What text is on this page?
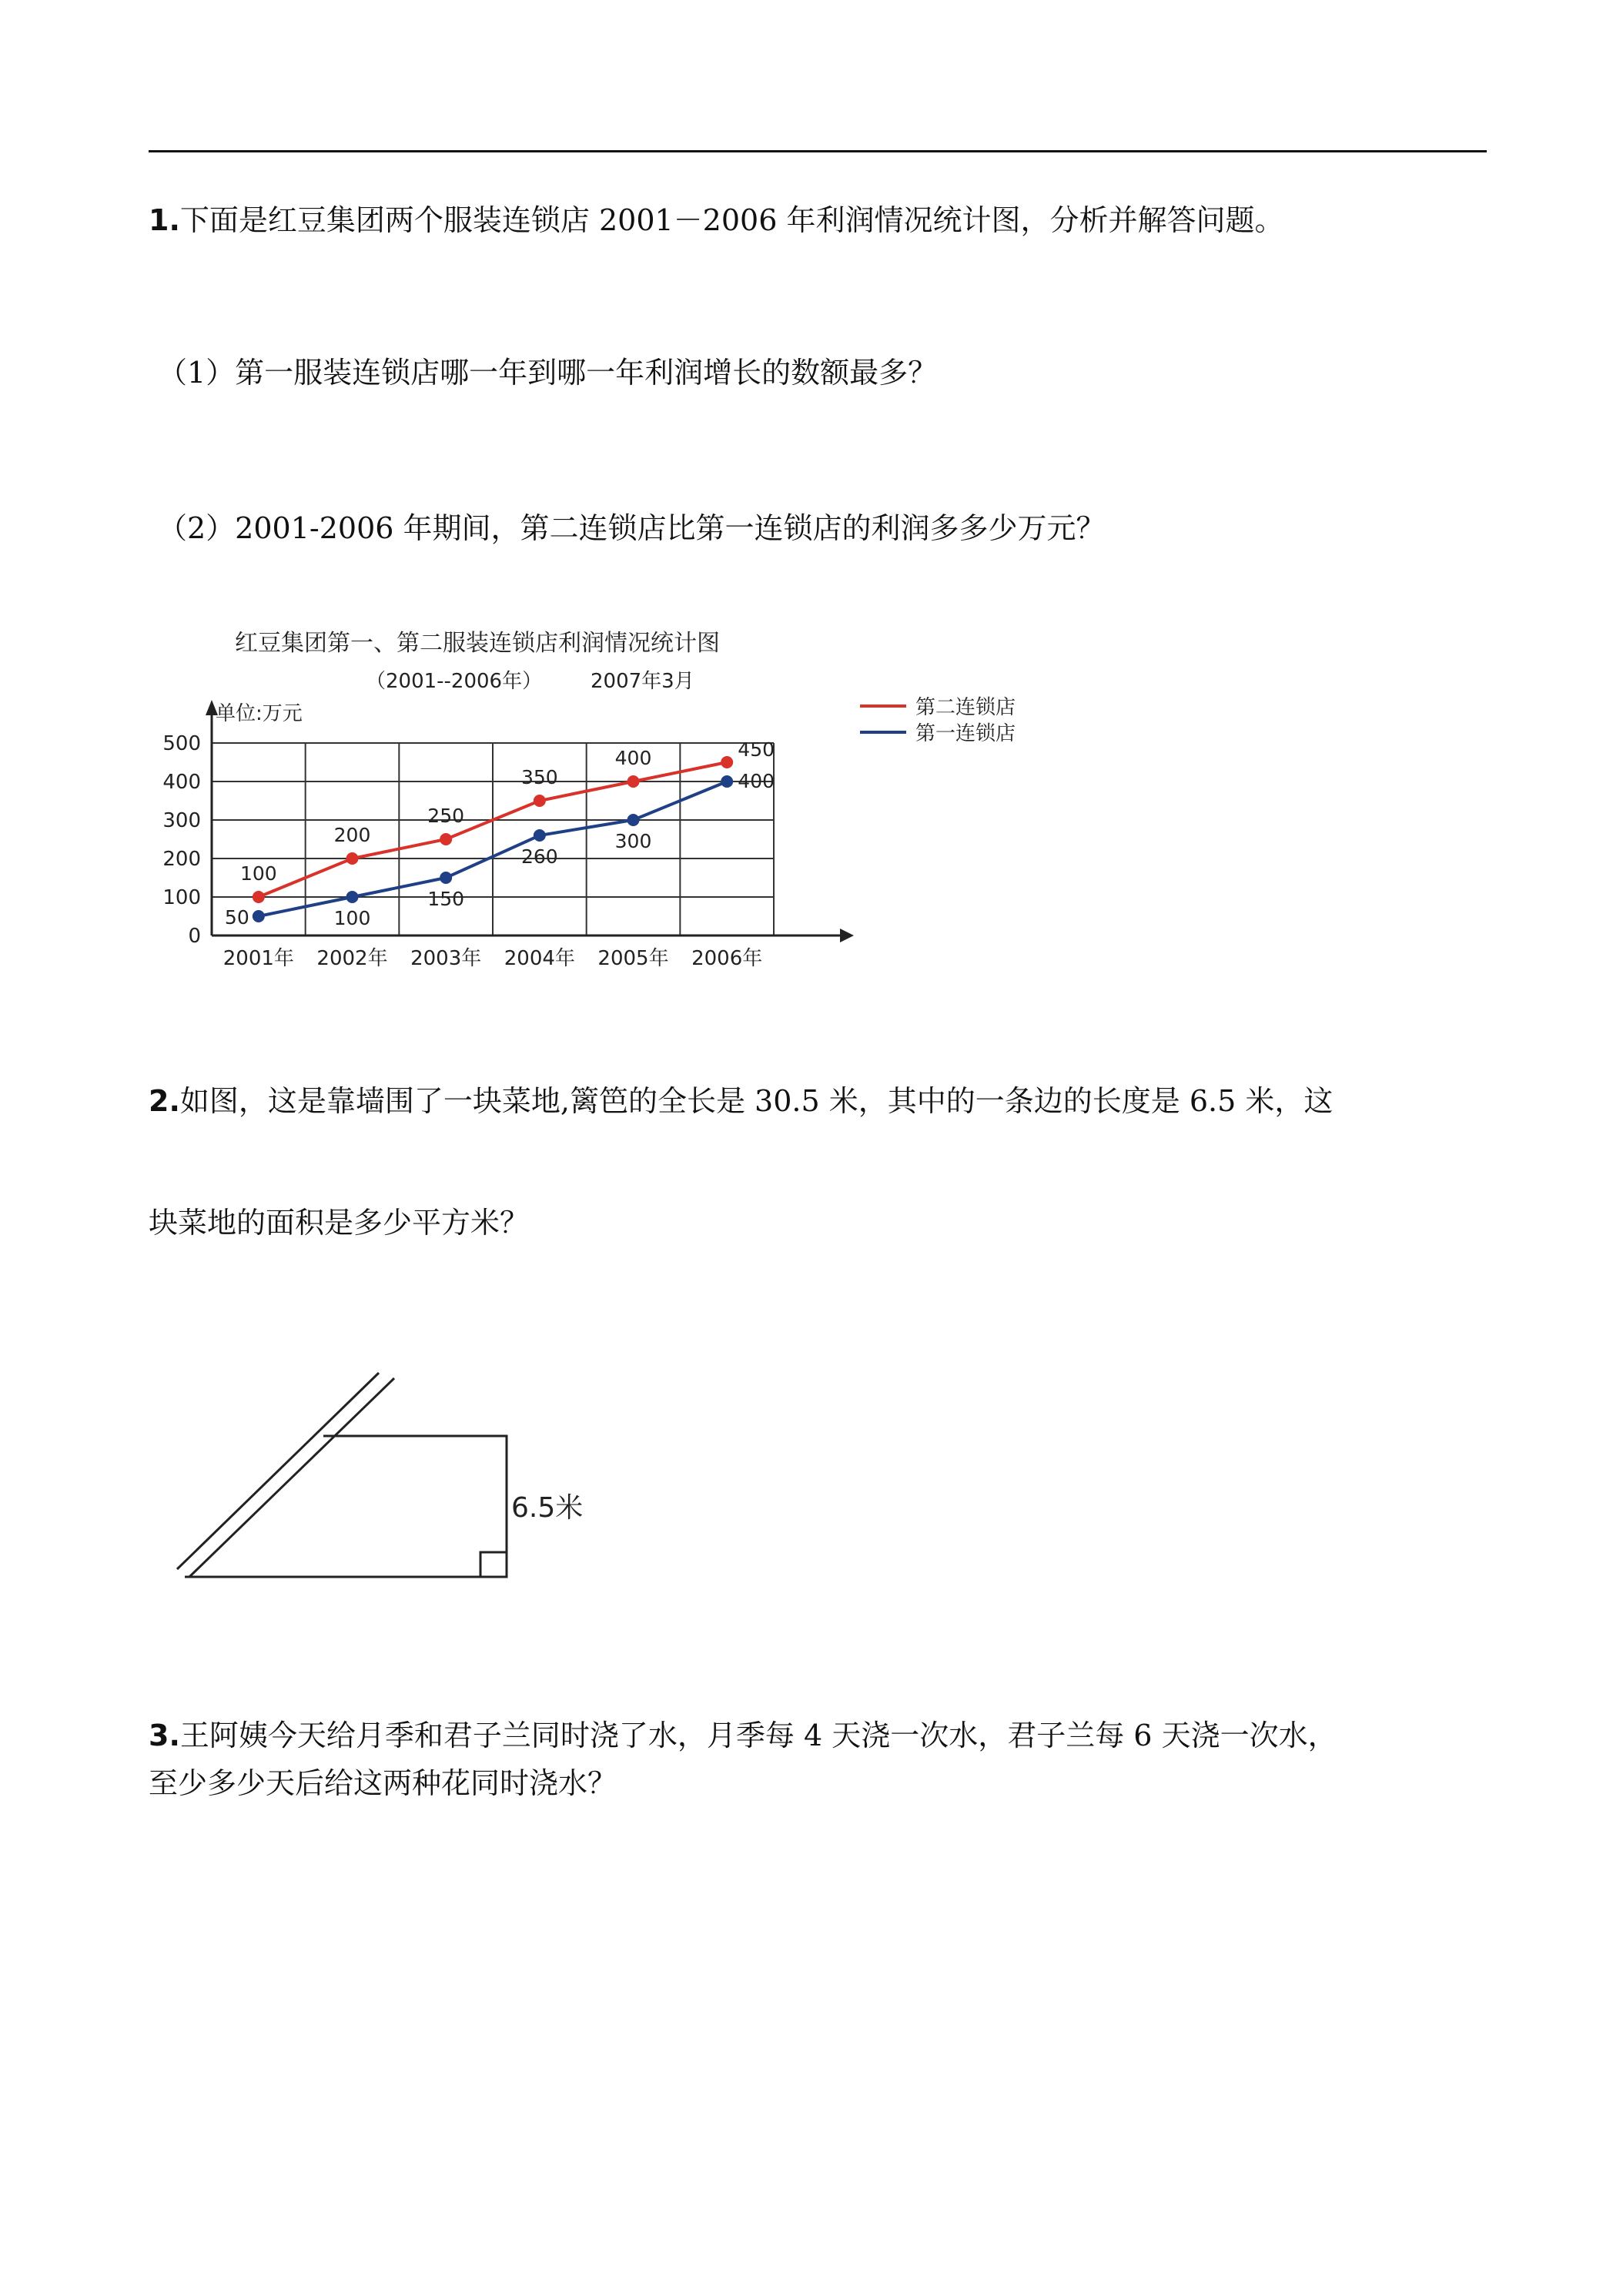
1.下面是红豆集团两个服装连锁店 2001－2006 年利润情况统计图，分析并解答问题。
（1）第一服装连锁店哪一年到哪一年利润增长的数额最多？
（2）2001-2006 年期间，第二连锁店比第一连锁店的利润多多少万元？
红豆集团第一、第二服装连锁店利润情况统计图
（2001--2006年） 2007年3月
单位:万元
0
100
200
300
400
500
2001年 2002年 2003年 2004年 2005年 2006年
100
200
250
350
400	450
50	100
150
260
300
400
第二连锁店
第一连锁店
2.如图，这是靠墙围了一块菜地,篱笆的全长是 30.5 米，其中的一条边的长度是 6.5 米，这
块菜地的面积是多少平方米？
6.5米
3.王阿姨今天给月季和君子兰同时浇了水，月季每 4 天浇一次水，君子兰每 6 天浇一次水，
至少多少天后给这两种花同时浇水？
